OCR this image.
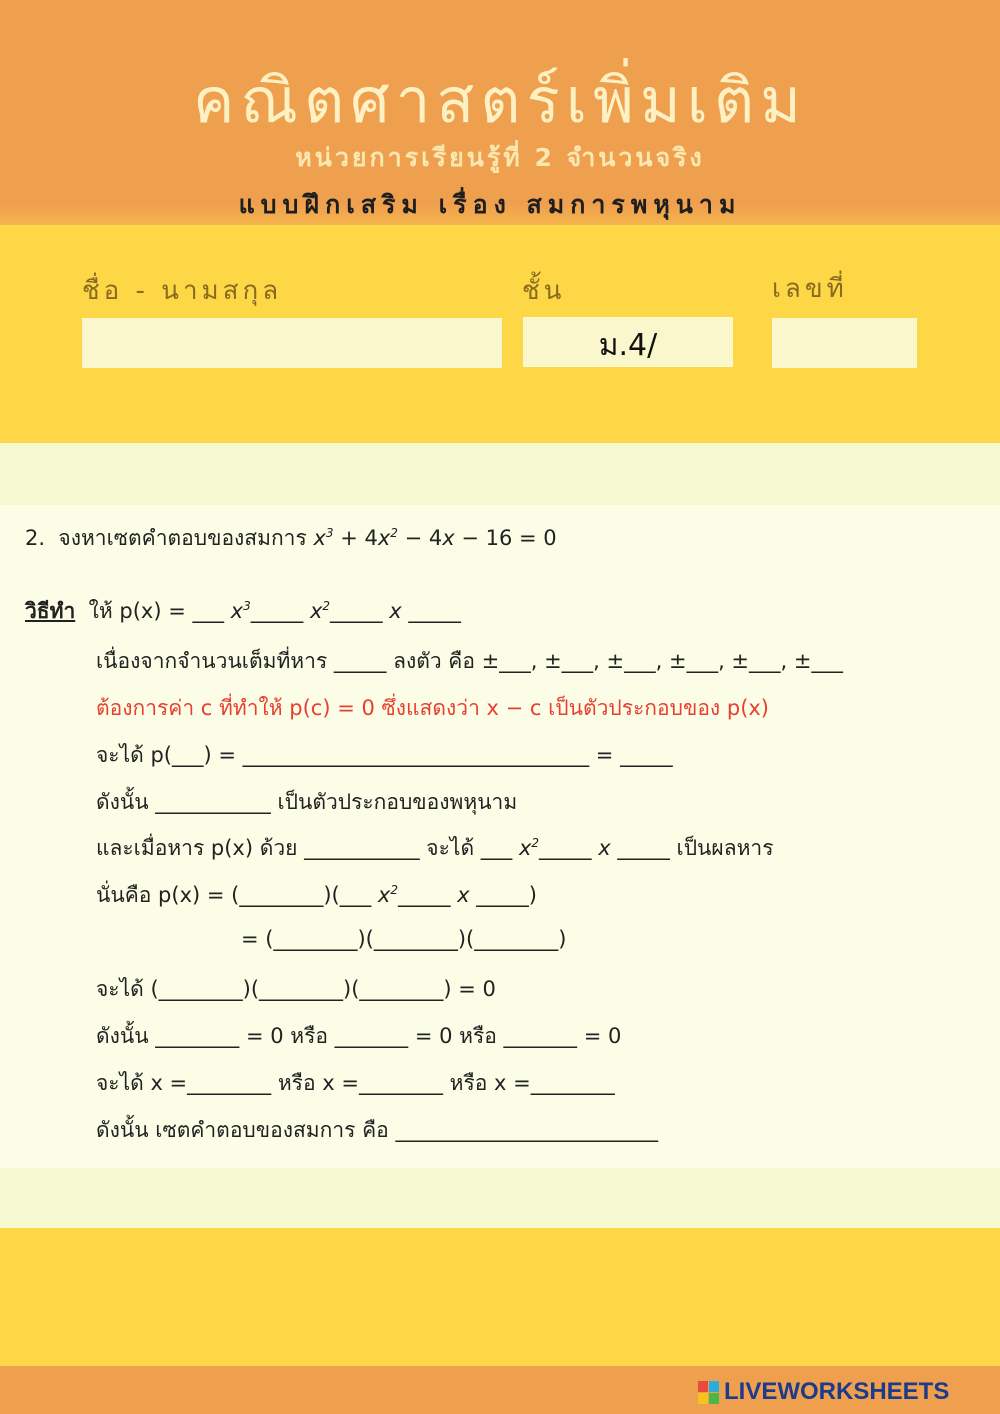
คณิตศาสตร์เพิ่มเติม
หน่วยการเรียนรู้ที่ 2 จำนวนจริง
แบบฝึกเสริม เรื่อง สมการพหุนาม
ชื่อ - นามสกุล	ชั้น	เลขที่
ม.4/
2. จงหาเซตคำตอบของสมการ $x^3 + 4x^2 - 4x - 16 = 0$
วิธีทำ ให้ p(x) = ___ $x^3\_\_\_\_\_$ $x^2\_\_\_\_\_$ x _____
เนื่องจากจำนวนเต็มที่หาร _____ ลงตัว คือ ±___, ±___, ±___, ±___, ±___, ±___
ต้องการค่า c ที่ทำให้ p(c) = 0 ซึ่งแสดงว่า x − c เป็นตัวประกอบของ p(x)
จะได้ p(___) = _________________________________ = _____
ดังนั้น ___________ เป็นตัวประกอบของพหุนาม
และเมื่อหาร p(x) ด้วย ___________ จะได้ ___ $x^2\_\_\_\_\_$ x _____ เป็นผลหาร
นั่นคือ p(x) = (________)(___ $x^2\_\_\_\_\_$ x _____)
= (________)(________)(________)
จะได้ (________)(________)(________) = 0
ดังนั้น ________ = 0 หรือ _______ = 0 หรือ _______ = 0
จะได้ x =________ หรือ x =________ หรือ x =________
ดังนั้น เซตคำตอบของสมการ คือ _________________________
LIVEWORKSHEETS
